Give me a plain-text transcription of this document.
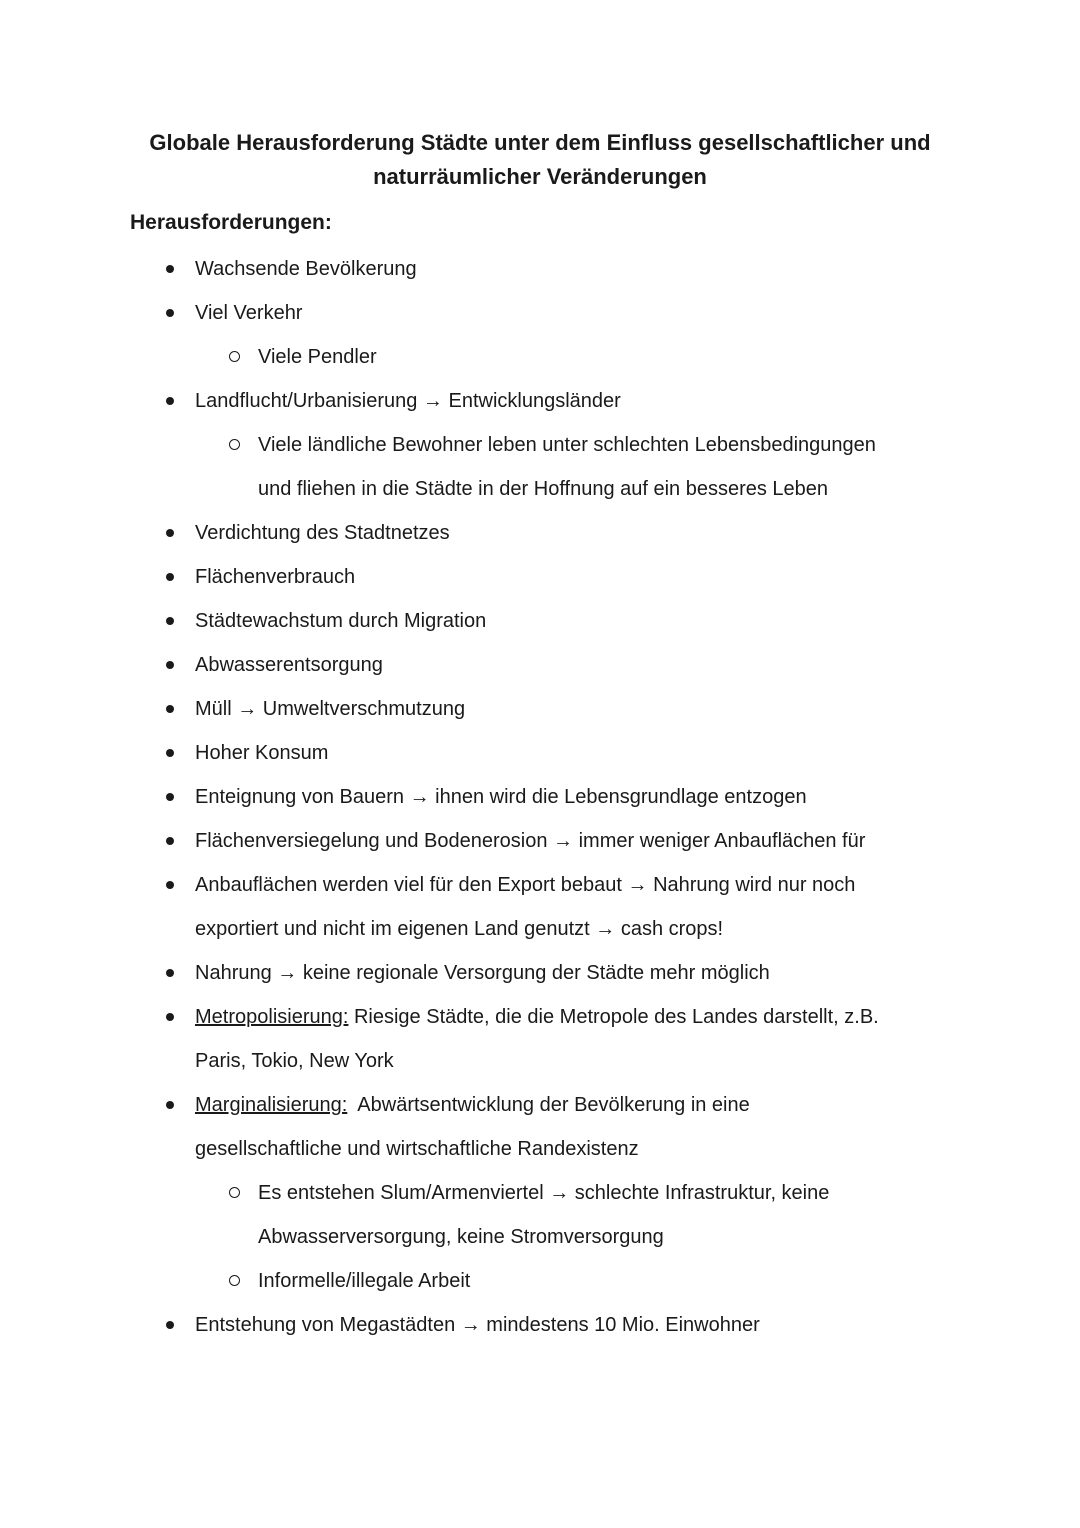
Globale Herausforderung Städte unter dem Einfluss gesellschaftlicher und
naturräumlicher Veränderungen
Herausforderungen:
Wachsende Bevölkerung
Viel Verkehr
Viele Pendler
Landflucht/Urbanisierung → Entwicklungsländer
Viele ländliche Bewohner leben unter schlechten Lebensbedingungen
und fliehen in die Städte in der Hoffnung auf ein besseres Leben
Verdichtung des Stadtnetzes
Flächenverbrauch
Städtewachstum durch Migration
Abwasserentsorgung
Müll → Umweltverschmutzung
Hoher Konsum
Enteignung von Bauern → ihnen wird die Lebensgrundlage entzogen
Flächenversiegelung und Bodenerosion → immer weniger Anbauflächen für
Anbauflächen werden viel für den Export bebaut → Nahrung wird nur noch
exportiert und nicht im eigenen Land genutzt → cash crops!
Nahrung → keine regionale Versorgung der Städte mehr möglich
Metropolisierung: Riesige Städte, die die Metropole des Landes darstellt, z.B.
Paris, Tokio, New York
Marginalisierung:  Abwärtsentwicklung der Bevölkerung in eine
gesellschaftliche und wirtschaftliche Randexistenz
Es entstehen Slum/Armenviertel → schlechte Infrastruktur, keine
Abwasserversorgung, keine Stromversorgung
Informelle/illegale Arbeit
Entstehung von Megastädten → mindestens 10 Mio. Einwohner
